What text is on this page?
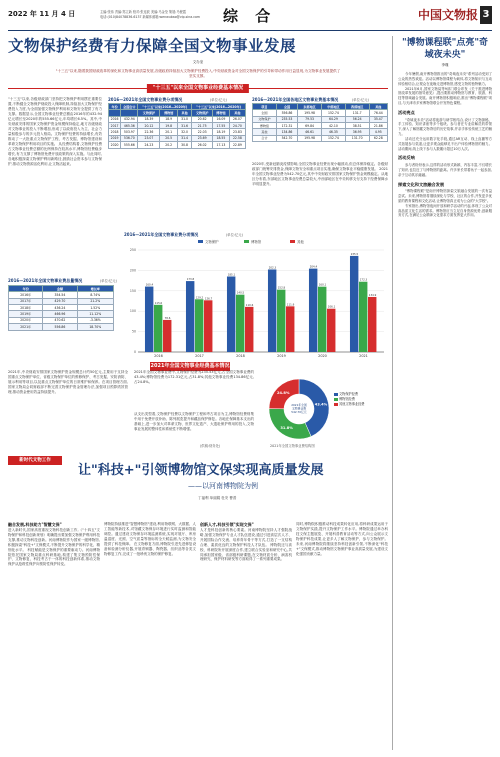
2022 年 11 月 4 日	主编:张伟 责编:郑立新 校对:张连波 美编:马金莹 策展:马俊霞
电话:(010)84078836-6137 新媒体邮箱:wenwubao@vip.sina.com 综 合	中国文物报 3
文物保护经费有力保障全国文物事业发展
文办室
"十三五"以来,随着我国财政改革的深化和文物事业高质量发展,各级政府持续加大文物保护经费投入,中央财政资金对全国文物保护的引导和带动作用日益显现,为文物事业发展提供了坚实支撑。
"十三五"以来全国文物事业经费基本情况
"十三五"以来,各级财政部门坚持把文物保护利用摆在重要位置,不断健全文物保护财政投入保障机制,持续加大文物保护经费投入力度,为全面加强文物保护利用和文物安全提供了有力支撑。数据显示,全国文物事业经费总额由2016年的432.94亿元增长至2020年的555.66亿元,年均增长6.5%。其中,中央财政安排的国家文物保护资金规模保持稳定,地方各级财政对文物事业的投入不断增加,形成了以政府投入为主、社会力量积极参与的多元投入格局。文物保护经费的持续增长,有效推动了一大批重点文物保护工程、考古发掘、博物馆建设和革命文物保护利用项目的实施。 从经费结构看,文物保护经费占文物事业经费总额的比例保持在较高水平,博物馆经费稳步增长,有力支撑了博物馆免费开放政策的深入实施。与此同时,各地积极探索文物保护利用新路径,鼓励社会资本参与文物保护,推动文物资源活化利用,让文物活起来。
2016—2021年全国文物事业费分项情况	(单位:亿元)
年份	全国合计	"十三五"以来(2016—2020年)			"十三五"以来(2016—2020年)		
		文物保护	博物馆	其他	文物保护	博物馆	其他
2016	432.94	18.39	18.9	31.0	20.62	16.09	26.07
2017	465.36	20.12	19.8	31.6	21.75	17.55	24.70
2018	503.97	22.36	20.1	32.0	22.03	18.19	23.83
2019	536.70	23.07	20.5	31.4	23.69	18.55	22.58
2020	555.66	24.23	20.2	30.8	26.02	17.13	22.89
2016—2021年全国各地区文物事业费基本情况	(单位:亿元)
项目	全国	东部地区	中部地区	西部地区	其他
全国	556.86	195.98	152.74	131.7	76.44
文物保护	235.53	79.53	64.29	56.24	35.47
博物馆	172.31	69.84	42.10	38.51	21.86
其他	134.86	46.61	46.35	36.95	4.95
合计	542.70	195.98	152.74	131.70	62.28
2020年,受新冠肺炎疫情影响,全国文物事业经费出现小幅波动,但总体保持稳定。各级财政部门统筹安排资金,保障文物安全和重点项目实施,确保文物事业平稳健康发展。 2021年全国文物事业经费为542.70亿元,其中中央财政安排国家文物保护资金规模稳定。从地区分布看,东部地区文物事业经费总量较大,中西部地区在中央转移支付支持下经费保障水平明显提升。
2016—2021年全国文物事业费总量情况	(单位:亿元)
年份	金额	增长率
2016年	354.54	8.74%
2017年	429.70	21.2%
2018年	436.24	1.52%
2019年	466.96	11.12%
2020年	470.62	-3.36%
2021年	556.86	18.70%
2016—2021年全国文物事业费分项情况	(单位:亿元)
0
50
100
150
200
250
160.4
115.6
78.6
2016
173.8
129.2 126.7
2017
185.1
140.5
110.6
2018
202.3
152.8
111.9
2019
204.4
160.1
106.1
2020
235.5
172.3
134.9
2021
文物保护	博物馆	其他
2021年全国文物事业经费基本情况
2021年,中央财政安排国家文物保护资金规模总计约50亿元,主要用于支持全国重点文物保护单位、省级文物保护单位的维修保护、考古发掘、安防消防、展示利用等项目,以及重点文物保护单位的日常维护和保养。在项目管理方面,国家文物局会同财政部不断完善文物保护资金管理办法,加强项目预算绩效管理,推动资金使用效益持续提升。
2021年全国文物事业费中,文物保护经费为235.53亿元,占全国文物事业费的43.4%;博物馆经费为172.31亿元,占31.8%;其他文物事业经费134.86亿元,占24.8%。
从支出类型看,文物保护经费以文物保护工程和考古项目为主,博物馆经费则集中用于免费开放补助、陈列展览提升和藏品保护修复。各地在保障基本支出的基础上,进一步加大对革命文物、世界文化遗产、大遗址保护利用的投入,文物事业发展的整体性和系统性不断增强。
(供稿:财务处)
43.4%
31.8%
24.8%
2021年全国
文物事业费
542.70亿元
文物保护经费
博物馆经费
其他文物事业经费
2021年全国文物事业费结构图
新时代文物工作
让"科技+"引领博物馆文保实现高质量发展
——以河南博物院为例
丁福利 单丽娟 杜安 曹普
融合发展,科技助力"智慧文保"
进入新时代,国家高度重视文物科技创新工作,《"十四五"文物保护和科技创新规划》明确提出要加强文物保护利用科技支撑,推动文物科技创新。河南博物院作为国家一级博物馆,积极探索"科技+"文保模式,不断提升文物保护的科学化、精细化水平。 科技赋能是文物保护的重要驱动力。河南博物院依托国家文物局重点科研基地,构建了集文物预防性保护、文物修复、科技考古于一体的科技创新体系,推动文物保护从抢救性保护向预防性保护转变。
博物院持续推进"智慧博物馆"建设,利用物联网、大数据、人工智能等新技术,对馆藏文物保存环境进行实时监测和智能调控。通过建设文物保存环境监测系统,实现对展厅、库房温湿度、光照、空气质量等指标的全天候监测,为文物安全提供了科技保障。 在文物修复方面,博物院引进先进修复设备和检测分析仪器,开展青铜器、陶瓷器、纺织品等各类文物修复工作,完成了一批珍贵文物的保护修复。
创新人才,科技引领"实现文保"
人才是科技创新的核心要素。河南博物院坚持人才强院战略,加强文物保护专业人才队伍建设,通过引进高层次人才、开展国际合作交流、培养青年骨干等方式,打造了一支结构合理、素质优良的文物保护科技人才队伍。 博物院还与高校、科研院所开展深度合作,建立联合实验室和研究中心,共同承担国家级、省部级科研课题,在文物材质分析、病害机理研究、保护材料研发等方面取得了一系列重要成果。
同时,博物院积极推动科技成果转化应用,将科研成果运用于文物保护实践,提升文物保护工作水平。博物院通过举办科技文保主题展览、开展科普教育活动等方式,向公众展示文物保护科技成果,让更多人了解文物保护、参与文物保护。 未来,河南博物院将继续坚持科技创新引领,不断深化"科技+"文保模式,推动博物馆文物保护事业高质量发展,为建设文化强国贡献力量。
"博物课程联"点亮"奇域夜未央"
李瑾

今年暑假,南开博物馆推出的"奇域夜未央"系列活动受到了公众的热烈欢迎。活动以博物馆课程为载体,将文物知识与互动体验相结合,让观众在夜晚走进博物馆,感受文物的独特魅力。

2021年6月,国家文物局等9部门联合印发《关于推进博物馆改革发展的指导意见》,提出要推动博物馆与教育、旅游、科技等领域融合发展。南开博物馆积极响应,推出"博物课程联"项目,与天津市多家博物馆联合开发特色课程。

活动亮点

"奇域夜未央"活动将夜游与研学相结合,设计了文物探秘、手工体验、知识讲座等多个板块。参与者在专业讲解员的带领下,深入了解馆藏文物背后的历史故事,并亲手体验传统工艺的魅力。

活动还充分运用数字化手段,通过AR互动、线上直播等方式拓展参与渠道,让更多观众能够足不出户体验博物馆的魅力。活动期间,线上线下参与人数累计超过10万人次。

活动反响

参与者纷纷表示,这样的活动形式新颖、内容丰富,不仅增长了知识,也拉近了与博物馆的距离。许多家长带着孩子一起参加,亲子互动其乐融融。

探索文化和文旅融合发展

"博物课程联"是南开博物馆探索文旅融合发展的一次有益尝试。未来,博物馆将继续深化与学校、社区的合作,开发更多优质的教育课程和文化活动,让博物馆真正成为公众的"大学校"。

专家指出,博物馆夜间开放和研学活动的兴起,体现了公众对高品质文化生活的需求。博物馆应当立足自身资源优势,创新服务方式,在满足公众精神文化需求方面发挥更大作用。
